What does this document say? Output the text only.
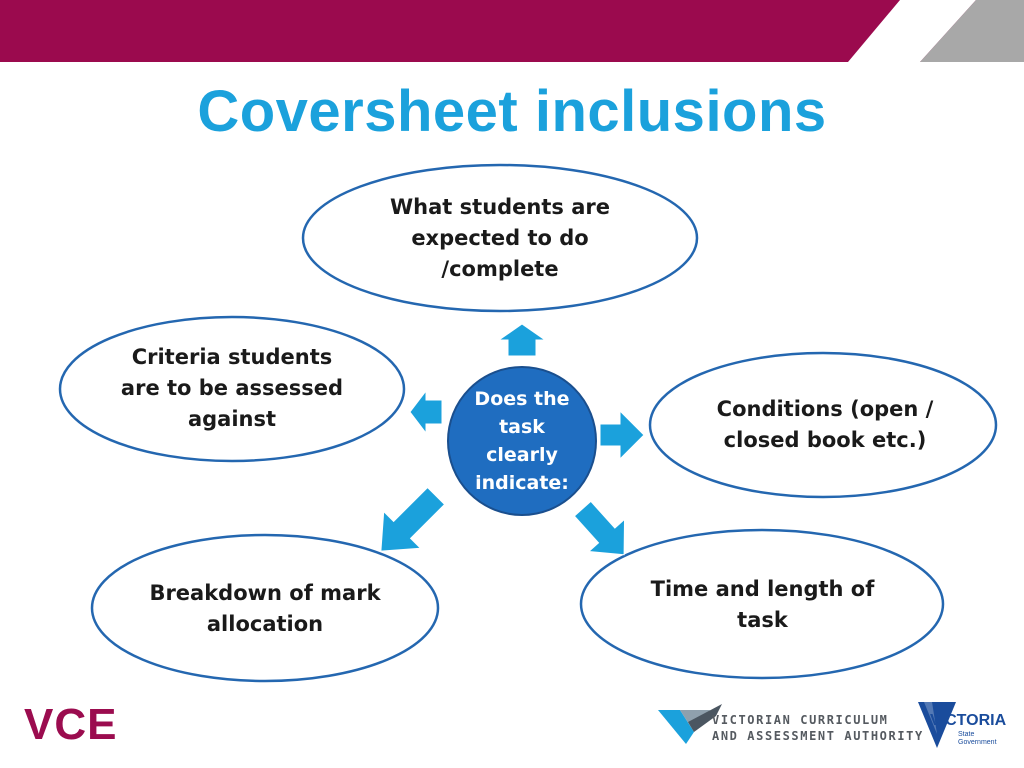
Coversheet inclusions
What students are
expected to do
/complete
Criteria students
are to be assessed
against	Conditions (open /
closed book etc.)
Breakdown of mark
allocation
Time and length of
task
Does the
task
clearly
indicate:
VCE	VICTORIAN CURRICULUM
AND ASSESSMENT AUTHORITY
VICTORIA
State
Government
